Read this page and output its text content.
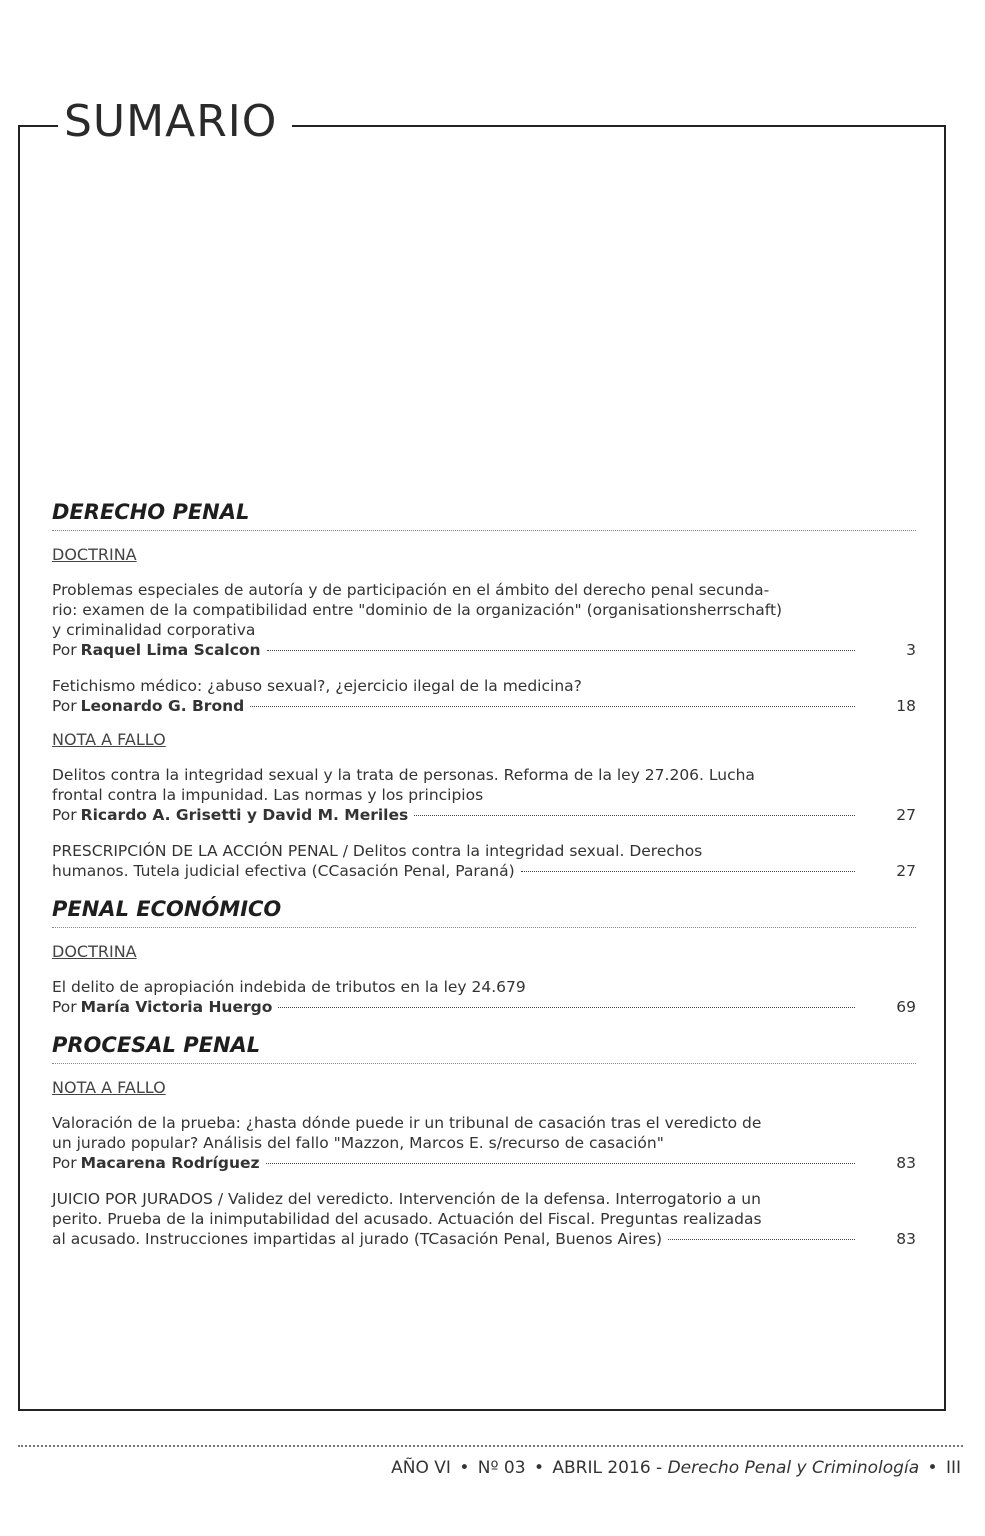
SUMARIO
DERECHO PENAL
DOCTRINA
Problemas especiales de autoría y de participación en el ámbito del derecho penal secunda-
rio: examen de la compatibilidad entre "dominio de la organización" (organisationsherrschaft)
y criminalidad corporativa
Por Raquel Lima Scalcon	3
Fetichismo médico: ¿abuso sexual?, ¿ejercicio ilegal de la medicina?
Por Leonardo G. Brond	18
NOTA A FALLO
Delitos contra la integridad sexual y la trata de personas. Reforma de la ley 27.206. Lucha
frontal contra la impunidad. Las normas y los principios
Por Ricardo A. Grisetti y David M. Meriles	27
PRESCRIPCIÓN DE LA ACCIÓN PENAL / Delitos contra la integridad sexual. Derechos
humanos. Tutela judicial efectiva (CCasación Penal, Paraná)	27
PENAL ECONÓMICO
DOCTRINA
El delito de apropiación indebida de tributos en la ley 24.679
Por María Victoria Huergo	69
PROCESAL PENAL
NOTA A FALLO
Valoración de la prueba: ¿hasta dónde puede ir un tribunal de casación tras el veredicto de
un jurado popular? Análisis del fallo "Mazzon, Marcos E. s/recurso de casación"
Por Macarena Rodríguez	83
JUICIO POR JURADOS / Validez del veredicto. Intervención de la defensa. Interrogatorio a un
perito. Prueba de la inimputabilidad del acusado. Actuación del Fiscal. Preguntas realizadas
al acusado. Instrucciones impartidas al jurado (TCasación Penal, Buenos Aires)	83
AÑO VI • Nº 03 • ABRIL 2016 - Derecho Penal y Criminología • III
